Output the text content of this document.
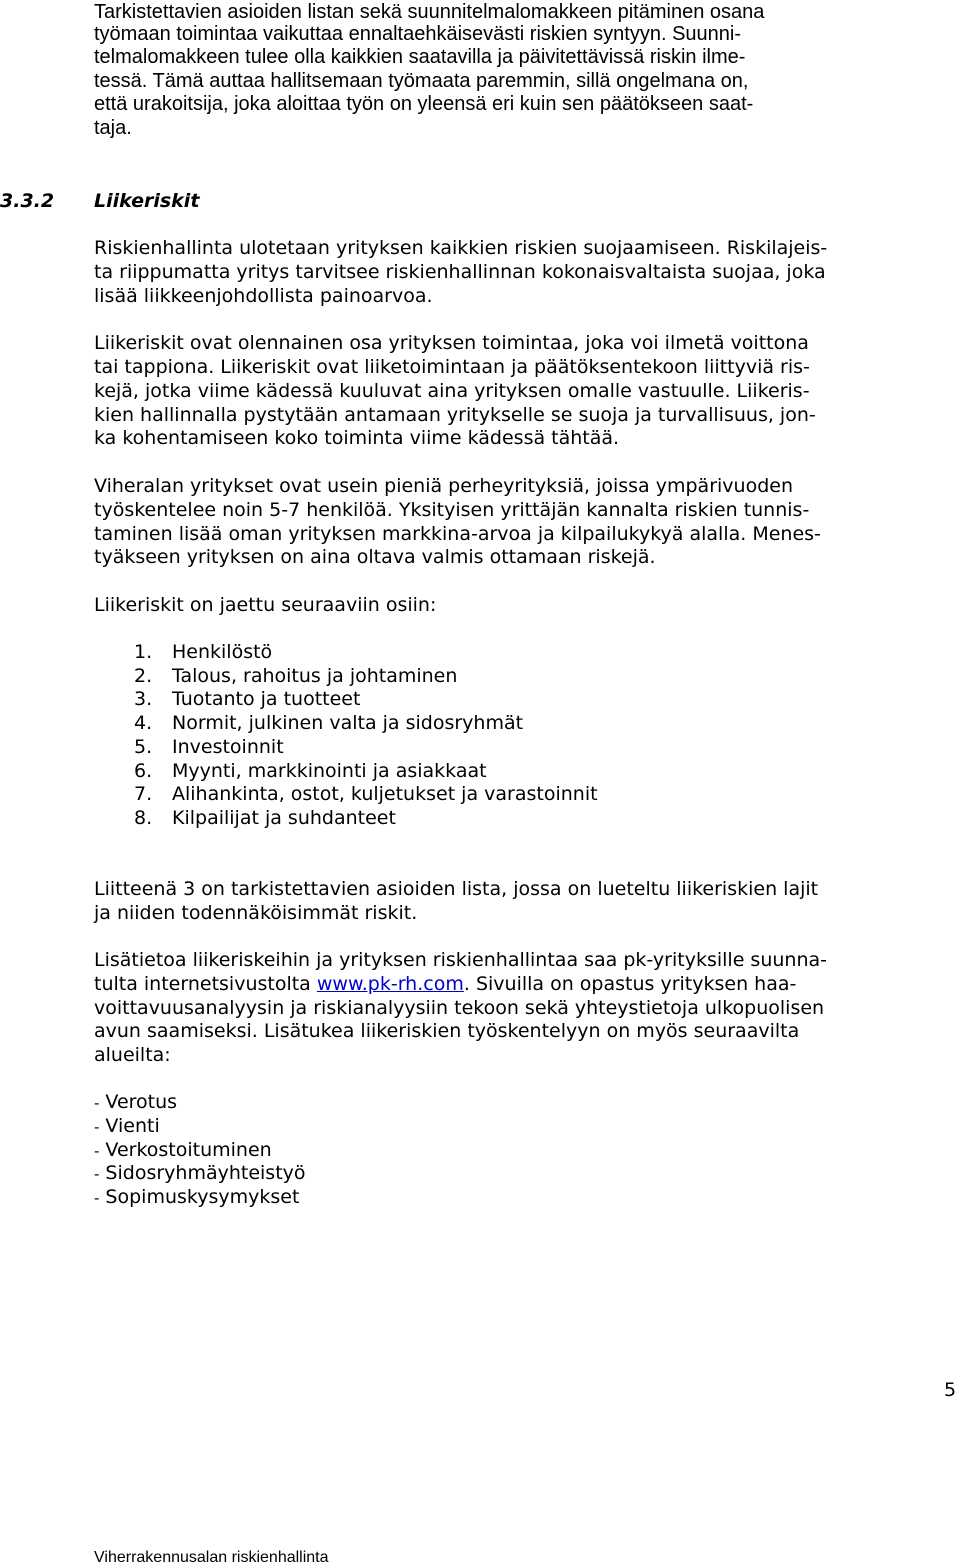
Tarkistettavien asioiden listan sekä suunnitelmalomakkeen pitäminen osana
työmaan toimintaa vaikuttaa ennaltaehkäisevästi riskien syntyyn. Suunni-
telmalomakkeen tulee olla kaikkien saatavilla ja päivitettävissä riskin ilme-
tessä. Tämä auttaa hallitsemaan työmaata paremmin, sillä ongelmana on,
että urakoitsija, joka aloittaa työn on yleensä eri kuin sen päätökseen saat-
taja.
3.3.2 Liikeriskit
Riskienhallinta ulotetaan yrityksen kaikkien riskien suojaamiseen. Riskilajeis-
ta riippumatta yritys tarvitsee riskienhallinnan kokonaisvaltaista suojaa, joka
lisää liikkeenjohdollista painoarvoa.
Liikeriskit ovat olennainen osa yrityksen toimintaa, joka voi ilmetä voittona
tai tappiona. Liikeriskit ovat liiketoimintaan ja päätöksentekoon liittyviä ris-
kejä, jotka viime kädessä kuuluvat aina yrityksen omalle vastuulle. Liikeris-
kien hallinnalla pystytään antamaan yritykselle se suoja ja turvallisuus, jon-
ka kohentamiseen koko toiminta viime kädessä tähtää.
Viheralan yritykset ovat usein pieniä perheyrityksiä, joissa ympärivuoden
työskentelee noin 5-7 henkilöä. Yksityisen yrittäjän kannalta riskien tunnis-
taminen lisää oman yrityksen markkina-arvoa ja kilpailukykyä alalla. Menes-
tyäkseen yrityksen on aina oltava valmis ottamaan riskejä.
Liikeriskit on jaettu seuraaviin osiin:
1. Henkilöstö
2. Talous, rahoitus ja johtaminen
3. Tuotanto ja tuotteet
4. Normit, julkinen valta ja sidosryhmät
5. Investoinnit
6. Myynti, markkinointi ja asiakkaat
7. Alihankinta, ostot, kuljetukset ja varastoinnit
8. Kilpailijat ja suhdanteet
Liitteenä 3 on tarkistettavien asioiden lista, jossa on lueteltu liikeriskien lajit
ja niiden todennäköisimmät riskit.
Lisätietoa liikeriskeihin ja yrityksen riskienhallintaa saa pk-yrityksille suunna-
tulta internetsivustolta www.pk-rh.com. Sivuilla on opastus yrityksen haa-
voittavuusanalyysin ja riskianalyysiin tekoon sekä yhteystietoja ulkopuolisen
avun saamiseksi. Lisätukea liikeriskien työskentelyyn on myös seuraavilta
alueilta:
- Verotus
- Vienti
- Verkostoituminen
- Sidosryhmäyhteistyö
- Sopimuskysymykset
5
Viherrakennusalan riskienhallinta
